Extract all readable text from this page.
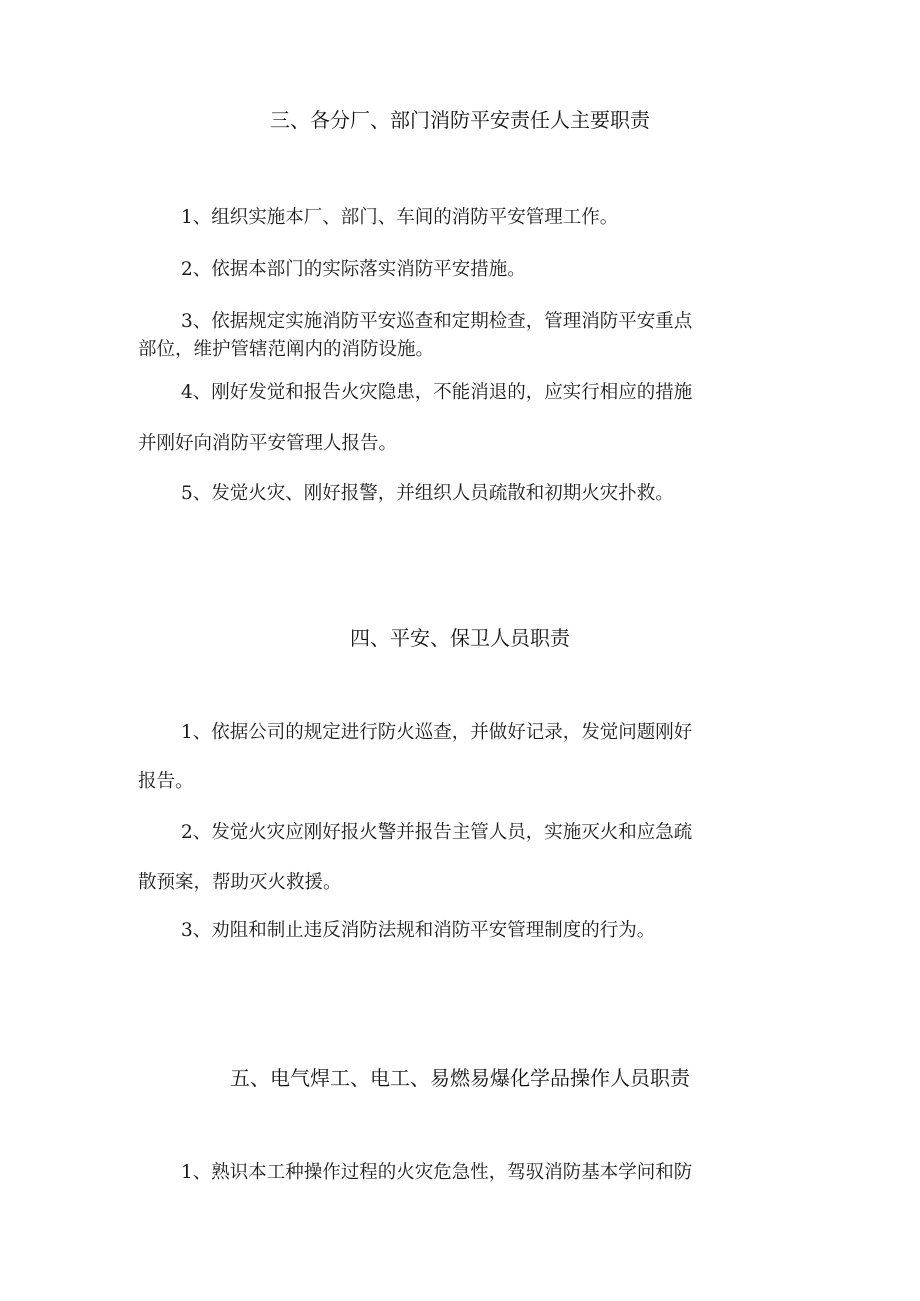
三、各分厂、部门消防平安责任人主要职责
1、组织实施本厂、部门、车间的消防平安管理工作。
2、依据本部门的实际落实消防平安措施。
3、依据规定实施消防平安巡查和定期检查，管理消防平安重点
部位，维护管辖范阐内的消防设施。
4、刚好发觉和报告火灾隐患，不能消退的，应实行相应的措施
并刚好向消防平安管理人报告。
5、发觉火灾、刚好报警，并组织人员疏散和初期火灾扑救。
四、平安、保卫人员职责
1、依据公司的规定进行防火巡查，并做好记录，发觉问题刚好
报告。
2、发觉火灾应刚好报火警并报告主管人员，实施灭火和应急疏
散预案，帮助灭火救援。
3、劝阻和制止违反消防法规和消防平安管理制度的行为。
五、电气焊工、电工、易燃易爆化学品操作人员职责
1、熟识本工种操作过程的火灾危急性，驾驭消防基本学问和防
